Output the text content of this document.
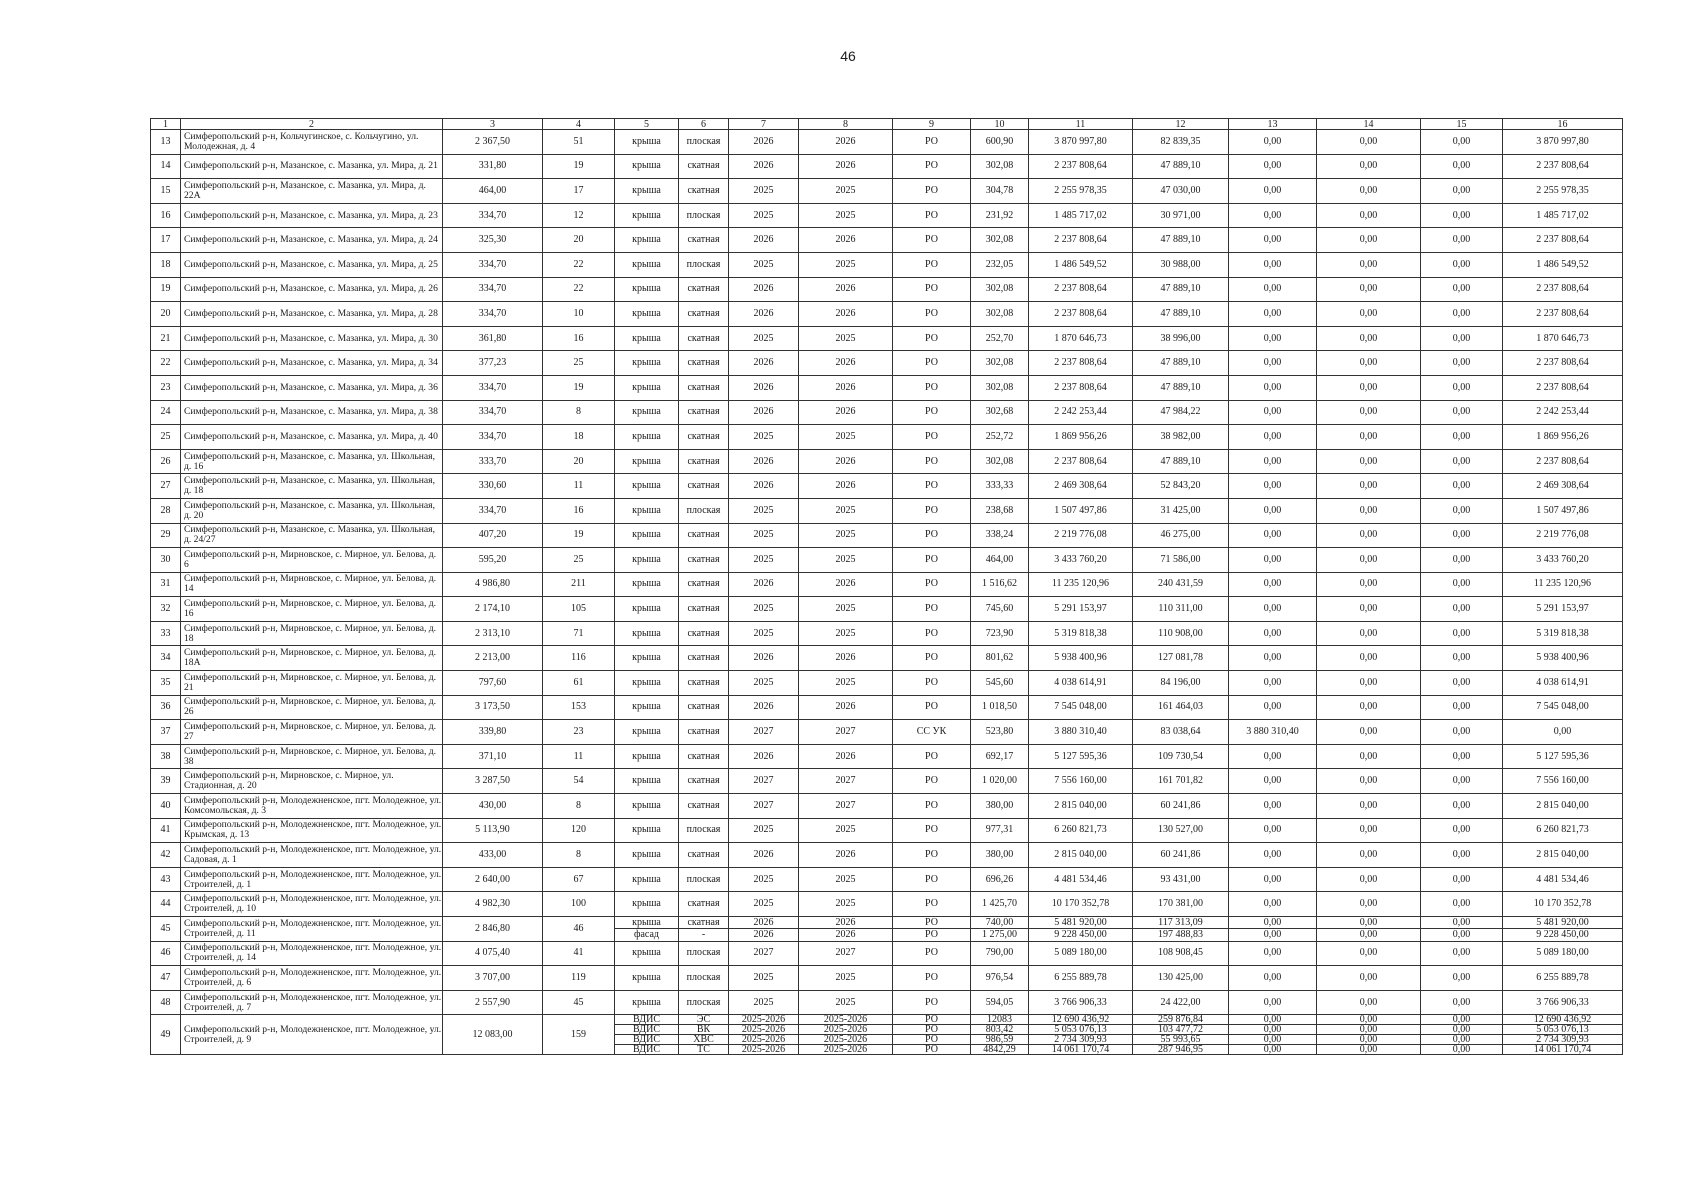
46
1	2	3	4	5	6	7	8	9	10	11	12	13	14	15	16
13	Симферопольский р-н, Кольчугинское, с. Кольчугино, ул. Молодежная, д. 4	2 367,50	51	крыша	плоская	2026	2026	РО	600,90	3 870 997,80	82 839,35	0,00	0,00	0,00	3 870 997,80
14	Симферопольский р-н, Мазанское, с. Мазанка, ул. Мира, д. 21	331,80	19	крыша	скатная	2026	2026	РО	302,08	2 237 808,64	47 889,10	0,00	0,00	0,00	2 237 808,64
15	Симферопольский р-н, Мазанское, с. Мазанка, ул. Мира, д. 22А	464,00	17	крыша	скатная	2025	2025	РО	304,78	2 255 978,35	47 030,00	0,00	0,00	0,00	2 255 978,35
16	Симферопольский р-н, Мазанское, с. Мазанка, ул. Мира, д. 23	334,70	12	крыша	плоская	2025	2025	РО	231,92	1 485 717,02	30 971,00	0,00	0,00	0,00	1 485 717,02
17	Симферопольский р-н, Мазанское, с. Мазанка, ул. Мира, д. 24	325,30	20	крыша	скатная	2026	2026	РО	302,08	2 237 808,64	47 889,10	0,00	0,00	0,00	2 237 808,64
18	Симферопольский р-н, Мазанское, с. Мазанка, ул. Мира, д. 25	334,70	22	крыша	плоская	2025	2025	РО	232,05	1 486 549,52	30 988,00	0,00	0,00	0,00	1 486 549,52
19	Симферопольский р-н, Мазанское, с. Мазанка, ул. Мира, д. 26	334,70	22	крыша	скатная	2026	2026	РО	302,08	2 237 808,64	47 889,10	0,00	0,00	0,00	2 237 808,64
20	Симферопольский р-н, Мазанское, с. Мазанка, ул. Мира, д. 28	334,70	10	крыша	скатная	2026	2026	РО	302,08	2 237 808,64	47 889,10	0,00	0,00	0,00	2 237 808,64
21	Симферопольский р-н, Мазанское, с. Мазанка, ул. Мира, д. 30	361,80	16	крыша	скатная	2025	2025	РО	252,70	1 870 646,73	38 996,00	0,00	0,00	0,00	1 870 646,73
22	Симферопольский р-н, Мазанское, с. Мазанка, ул. Мира, д. 34	377,23	25	крыша	скатная	2026	2026	РО	302,08	2 237 808,64	47 889,10	0,00	0,00	0,00	2 237 808,64
23	Симферопольский р-н, Мазанское, с. Мазанка, ул. Мира, д. 36	334,70	19	крыша	скатная	2026	2026	РО	302,08	2 237 808,64	47 889,10	0,00	0,00	0,00	2 237 808,64
24	Симферопольский р-н, Мазанское, с. Мазанка, ул. Мира, д. 38	334,70	8	крыша	скатная	2026	2026	РО	302,68	2 242 253,44	47 984,22	0,00	0,00	0,00	2 242 253,44
25	Симферопольский р-н, Мазанское, с. Мазанка, ул. Мира, д. 40	334,70	18	крыша	скатная	2025	2025	РО	252,72	1 869 956,26	38 982,00	0,00	0,00	0,00	1 869 956,26
26	Симферопольский р-н, Мазанское, с. Мазанка, ул. Школьная, д. 16	333,70	20	крыша	скатная	2026	2026	РО	302,08	2 237 808,64	47 889,10	0,00	0,00	0,00	2 237 808,64
27	Симферопольский р-н, Мазанское, с. Мазанка, ул. Школьная, д. 18	330,60	11	крыша	скатная	2026	2026	РО	333,33	2 469 308,64	52 843,20	0,00	0,00	0,00	2 469 308,64
28	Симферопольский р-н, Мазанское, с. Мазанка, ул. Школьная, д. 20	334,70	16	крыша	плоская	2025	2025	РО	238,68	1 507 497,86	31 425,00	0,00	0,00	0,00	1 507 497,86
29	Симферопольский р-н, Мазанское, с. Мазанка, ул. Школьная, д. 24/27	407,20	19	крыша	скатная	2025	2025	РО	338,24	2 219 776,08	46 275,00	0,00	0,00	0,00	2 219 776,08
30	Симферопольский р-н, Мирновское, с. Мирное, ул. Белова, д. 6	595,20	25	крыша	скатная	2025	2025	РО	464,00	3 433 760,20	71 586,00	0,00	0,00	0,00	3 433 760,20
31	Симферопольский р-н, Мирновское, с. Мирное, ул. Белова, д. 14	4 986,80	211	крыша	скатная	2026	2026	РО	1 516,62	11 235 120,96	240 431,59	0,00	0,00	0,00	11 235 120,96
32	Симферопольский р-н, Мирновское, с. Мирное, ул. Белова, д. 16	2 174,10	105	крыша	скатная	2025	2025	РО	745,60	5 291 153,97	110 311,00	0,00	0,00	0,00	5 291 153,97
33	Симферопольский р-н, Мирновское, с. Мирное, ул. Белова, д. 18	2 313,10	71	крыша	скатная	2025	2025	РО	723,90	5 319 818,38	110 908,00	0,00	0,00	0,00	5 319 818,38
34	Симферопольский р-н, Мирновское, с. Мирное, ул. Белова, д. 18А	2 213,00	116	крыша	скатная	2026	2026	РО	801,62	5 938 400,96	127 081,78	0,00	0,00	0,00	5 938 400,96
35	Симферопольский р-н, Мирновское, с. Мирное, ул. Белова, д. 21	797,60	61	крыша	скатная	2025	2025	РО	545,60	4 038 614,91	84 196,00	0,00	0,00	0,00	4 038 614,91
36	Симферопольский р-н, Мирновское, с. Мирное, ул. Белова, д. 26	3 173,50	153	крыша	скатная	2026	2026	РО	1 018,50	7 545 048,00	161 464,03	0,00	0,00	0,00	7 545 048,00
37	Симферопольский р-н, Мирновское, с. Мирное, ул. Белова, д. 27	339,80	23	крыша	скатная	2027	2027	СС УК	523,80	3 880 310,40	83 038,64	3 880 310,40	0,00	0,00	0,00
38	Симферопольский р-н, Мирновское, с. Мирное, ул. Белова, д. 38	371,10	11	крыша	скатная	2026	2026	РО	692,17	5 127 595,36	109 730,54	0,00	0,00	0,00	5 127 595,36
39	Симферопольский р-н, Мирновское, с. Мирное, ул. Стадионная, д. 20	3 287,50	54	крыша	скатная	2027	2027	РО	1 020,00	7 556 160,00	161 701,82	0,00	0,00	0,00	7 556 160,00
40	Симферопольский р-н, Молодежненское, пгт. Молодежное, ул. Комсомольская, д. 3	430,00	8	крыша	скатная	2027	2027	РО	380,00	2 815 040,00	60 241,86	0,00	0,00	0,00	2 815 040,00
41	Симферопольский р-н, Молодежненское, пгт. Молодежное, ул. Крымская, д. 13	5 113,90	120	крыша	плоская	2025	2025	РО	977,31	6 260 821,73	130 527,00	0,00	0,00	0,00	6 260 821,73
42	Симферопольский р-н, Молодежненское, пгт. Молодежное, ул. Садовая, д. 1	433,00	8	крыша	скатная	2026	2026	РО	380,00	2 815 040,00	60 241,86	0,00	0,00	0,00	2 815 040,00
43	Симферопольский р-н, Молодежненское, пгт. Молодежное, ул. Строителей, д. 1	2 640,00	67	крыша	плоская	2025	2025	РО	696,26	4 481 534,46	93 431,00	0,00	0,00	0,00	4 481 534,46
44	Симферопольский р-н, Молодежненское, пгт. Молодежное, ул. Строителей, д. 10	4 982,30	100	крыша	скатная	2025	2025	РО	1 425,70	10 170 352,78	170 381,00	0,00	0,00	0,00	10 170 352,78
45	Симферопольский р-н, Молодежненское, пгт. Молодежное, ул. Строителей, д. 11	2 846,80	46	крыша	скатная	2026	2026	РО	740,00	5 481 920,00	117 313,09	0,00	0,00	0,00	5 481 920,00
				фасад	-	2026	2026	РО	1 275,00	9 228 450,00	197 488,83	0,00	0,00	0,00	9 228 450,00
46	Симферопольский р-н, Молодежненское, пгт. Молодежное, ул. Строителей, д. 14	4 075,40	41	крыша	плоская	2027	2027	РО	790,00	5 089 180,00	108 908,45	0,00	0,00	0,00	5 089 180,00
47	Симферопольский р-н, Молодежненское, пгт. Молодежное, ул. Строителей, д. 6	3 707,00	119	крыша	плоская	2025	2025	РО	976,54	6 255 889,78	130 425,00	0,00	0,00	0,00	6 255 889,78
48	Симферопольский р-н, Молодежненское, пгт. Молодежное, ул. Строителей, д. 7	2 557,90	45	крыша	плоская	2025	2025	РО	594,05	3 766 906,33	24 422,00	0,00	0,00	0,00	3 766 906,33
49	Симферопольский р-н, Молодежненское, пгт. Молодежное, ул. Строителей, д. 9	12 083,00	159	ВДИС	ЭС	2025-2026	2025-2026	РО	12083	12 690 436,92	259 876,84	0,00	0,00	0,00	12 690 436,92
				ВДИС	ВК	2025-2026	2025-2026	РО	803,42	5 053 076,13	103 477,72	0,00	0,00	0,00	5 053 076,13
				ВДИС	ХВС	2025-2026	2025-2026	РО	986,59	2 734 309,93	55 993,65	0,00	0,00	0,00	2 734 309,93
				ВДИС	ТС	2025-2026	2025-2026	РО	4842,29	14 061 170,74	287 946,95	0,00	0,00	0,00	14 061 170,74
